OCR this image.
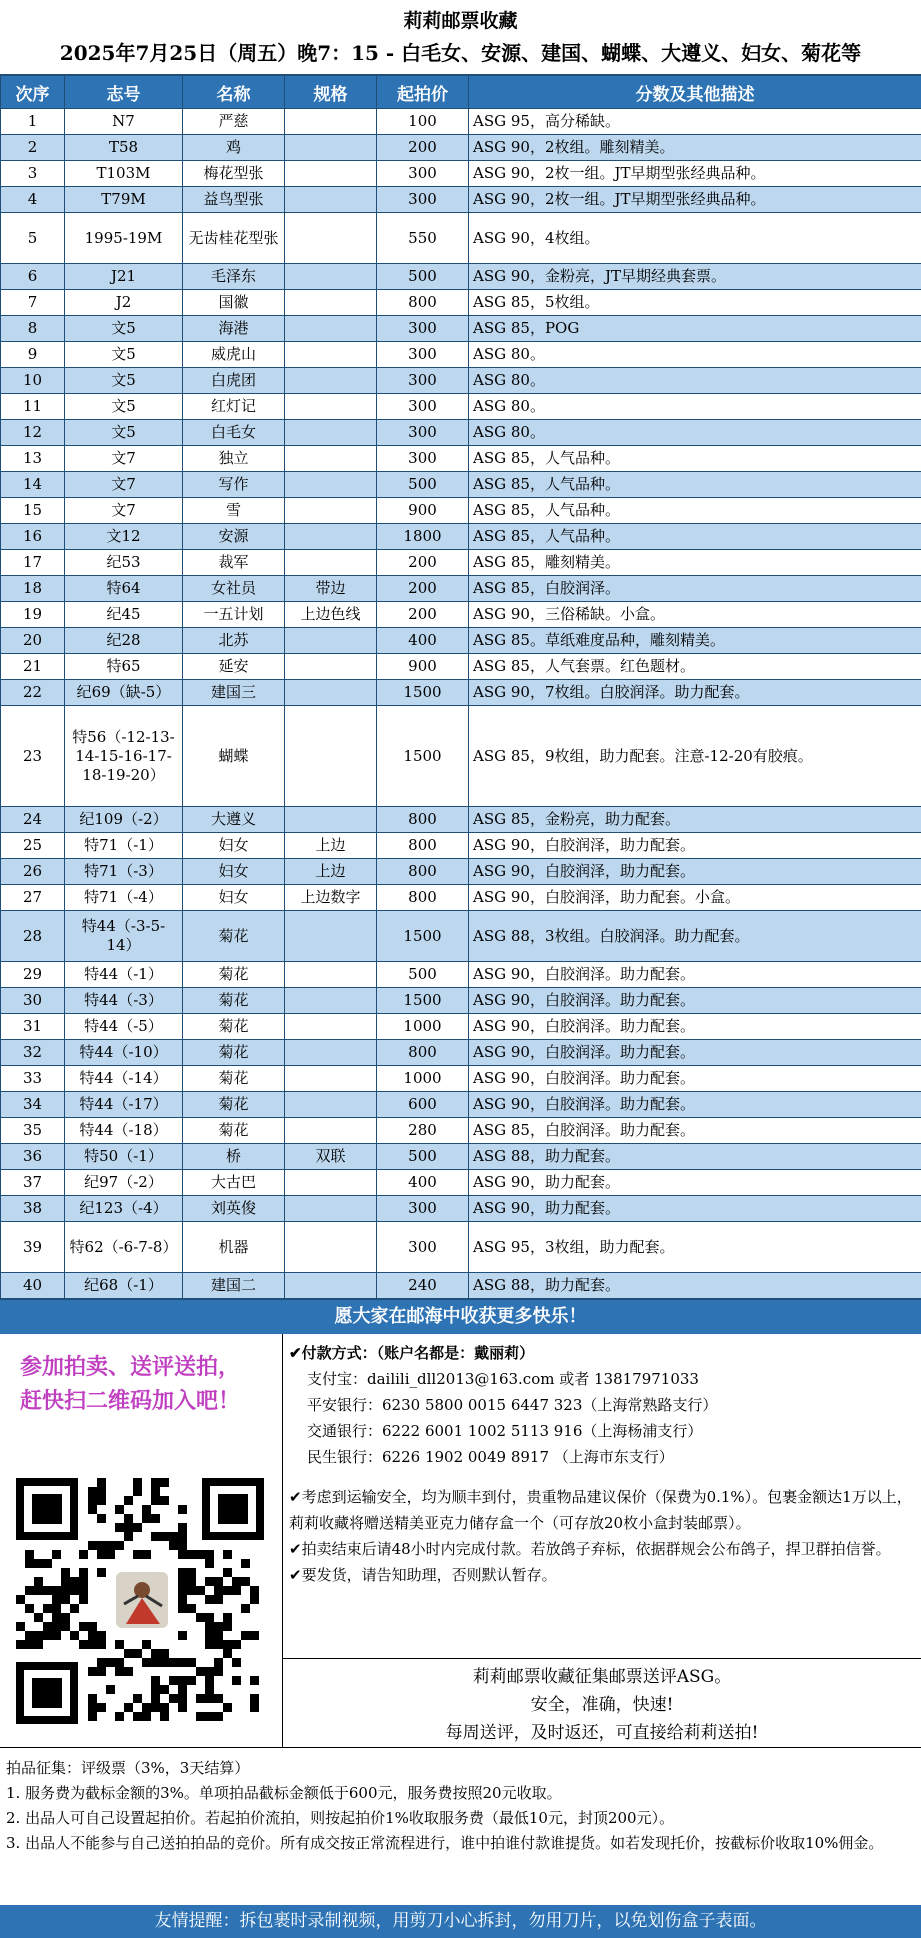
莉莉邮票收藏
2025年7月25日（周五）晚7：15 - 白毛女、安源、建国、蝴蝶、大遵义、妇女、菊花等
次序	志号	名称	规格	起拍价	分数及其他描述
1	N7	严慈		100	ASG 95，高分稀缺。
2	T58	鸡		200	ASG 90，2枚组。雕刻精美。
3	T103M	梅花型张		300	ASG 90，2枚一组。JT早期型张经典品种。
4	T79M	益鸟型张		300	ASG 90，2枚一组。JT早期型张经典品种。
5	1995-19M	无齿桂花型张		550	ASG 90，4枚组。
6	J21	毛泽东		500	ASG 90，金粉亮，JT早期经典套票。
7	J2	国徽		800	ASG 85，5枚组。
8	文5	海港		300	ASG 85，POG
9	文5	威虎山		300	ASG 80。
10	文5	白虎团		300	ASG 80。
11	文5	红灯记		300	ASG 80。
12	文5	白毛女		300	ASG 80。
13	文7	独立		300	ASG 85，人气品种。
14	文7	写作		500	ASG 85，人气品种。
15	文7	雪		900	ASG 85，人气品种。
16	文12	安源		1800	ASG 85，人气品种。
17	纪53	裁军		200	ASG 85，雕刻精美。
18	特64	女社员	带边	200	ASG 85，白胶润泽。
19	纪45	一五计划	上边色线	200	ASG 90，三俗稀缺。小盒。
20	纪28	北苏		400	ASG 85。草纸难度品种，雕刻精美。
21	特65	延安		900	ASG 85，人气套票。红色题材。
22	纪69（缺-5）	建国三		1500	ASG 90，7枚组。白胶润泽。助力配套。
23	特56（-12-13-14-15-16-17-18-19-20）	蝴蝶		1500	ASG 85，9枚组，助力配套。注意-12-20有胶痕。
24	纪109（-2）	大遵义		800	ASG 85，金粉亮，助力配套。
25	特71（-1）	妇女	上边	800	ASG 90，白胶润泽，助力配套。
26	特71（-3）	妇女	上边	800	ASG 90，白胶润泽，助力配套。
27	特71（-4）	妇女	上边数字	800	ASG 90，白胶润泽，助力配套。小盒。
28	特44（-3-5-14）	菊花		1500	ASG 88，3枚组。白胶润泽。助力配套。
29	特44（-1）	菊花		500	ASG 90，白胶润泽。助力配套。
30	特44（-3）	菊花		1500	ASG 90，白胶润泽。助力配套。
31	特44（-5）	菊花		1000	ASG 90，白胶润泽。助力配套。
32	特44（-10）	菊花		800	ASG 90，白胶润泽。助力配套。
33	特44（-14）	菊花		1000	ASG 90，白胶润泽。助力配套。
34	特44（-17）	菊花		600	ASG 90，白胶润泽。助力配套。
35	特44（-18）	菊花		280	ASG 85，白胶润泽。助力配套。
36	特50（-1）	桥	双联	500	ASG 88，助力配套。
37	纪97（-2）	大古巴		400	ASG 90，助力配套。
38	纪123（-4）	刘英俊		300	ASG 90，助力配套。
39	特62（-6-7-8）	机器		300	ASG 95，3枚组，助力配套。
40	纪68（-1）	建国二		240	ASG 88，助力配套。
愿大家在邮海中收获更多快乐！
参加拍卖、送评送拍，
赶快扫二维码加入吧！
✔付款方式：（账户名都是：戴丽莉）
支付宝：dailili_dll2013@163.com 或者 13817971033
平安银行：6230 5800 0015 6447 323（上海常熟路支行）
交通银行：6222 6001 1002 5113 916（上海杨浦支行）
民生银行：6226 1902 0049 8917 （上海市东支行）
✔考虑到运输安全，均为顺丰到付，贵重物品建议保价（保费为0.1%）。包裹金额达1万以上，莉莉收藏将赠送精美亚克力储存盒一个（可存放20枚小盒封装邮票）。
✔拍卖结束后请48小时内完成付款。若放鸽子弃标，依据群规会公布鸽子，捍卫群拍信誉。
✔要发货，请告知助理，否则默认暂存。
莉莉邮票收藏征集邮票送评ASG。
安全，准确，快速!
每周送评，及时返还，可直接给莉莉送拍!
拍品征集：评级票（3%，3天结算）
1. 服务费为截标金额的3%。单项拍品截标金额低于600元，服务费按照20元收取。
2. 出品人可自己设置起拍价。若起拍价流拍，则按起拍价1%收取服务费（最低10元，封顶200元）。
3. 出品人不能参与自己送拍拍品的竞价。所有成交按正常流程进行，谁中拍谁付款谁提货。如若发现托价，按截标价收取10%佣金。
友情提醒：拆包裹时录制视频，用剪刀小心拆封，勿用刀片，以免划伤盒子表面。
